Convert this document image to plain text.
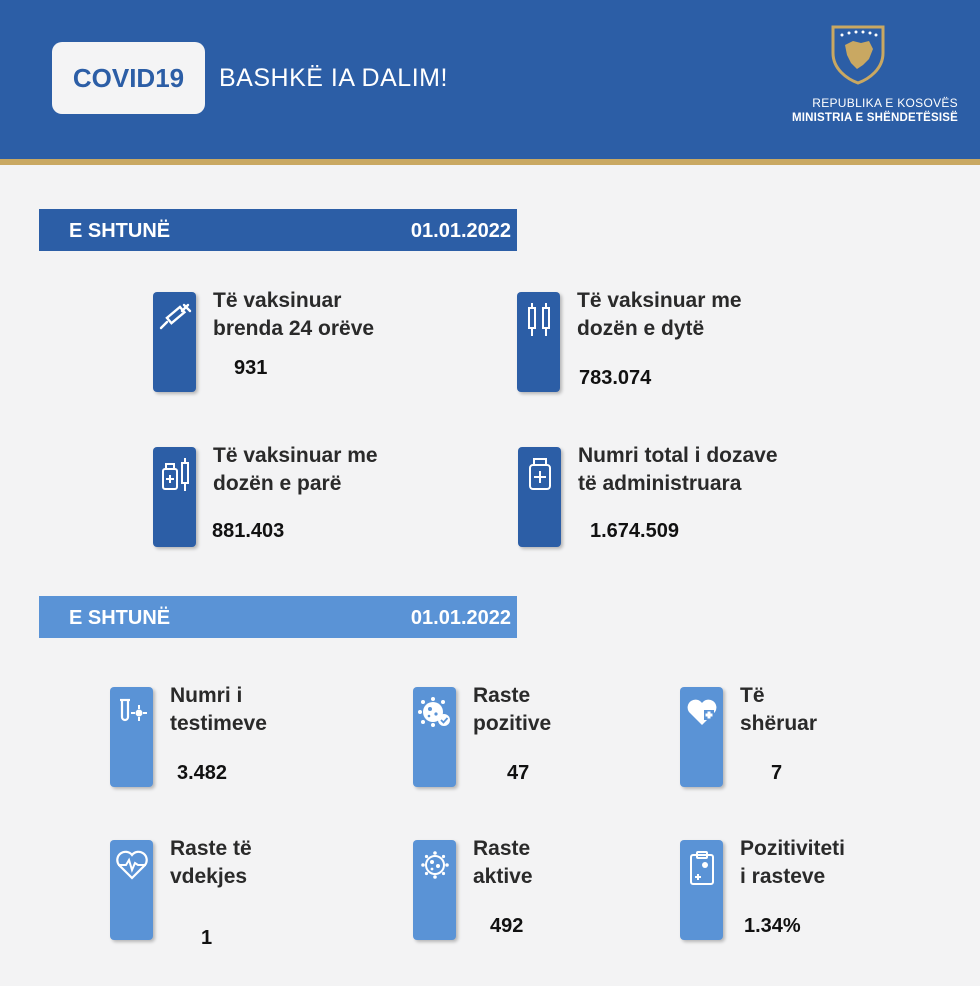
COVID19 BASHKË IA DALIM!
REPUBLIKA E KOSOVËS
MINISTRIA E SHËNDETËSISË
E SHTUNË	01.01.2022
Të vaksinuar
brenda 24 orëve
931
Të vaksinuar me
dozën e dytë
783.074
Të vaksinuar me
dozën e parë
881.403
Numri total i dozave
të administruara
1.674.509
E SHTUNË	01.01.2022
Numri i
testimeve
3.482
Raste
pozitive
47
Të
shëruar
7
Raste të
vdekjes
1
Raste
aktive
492
Pozitiviteti
i rasteve
1.34%
